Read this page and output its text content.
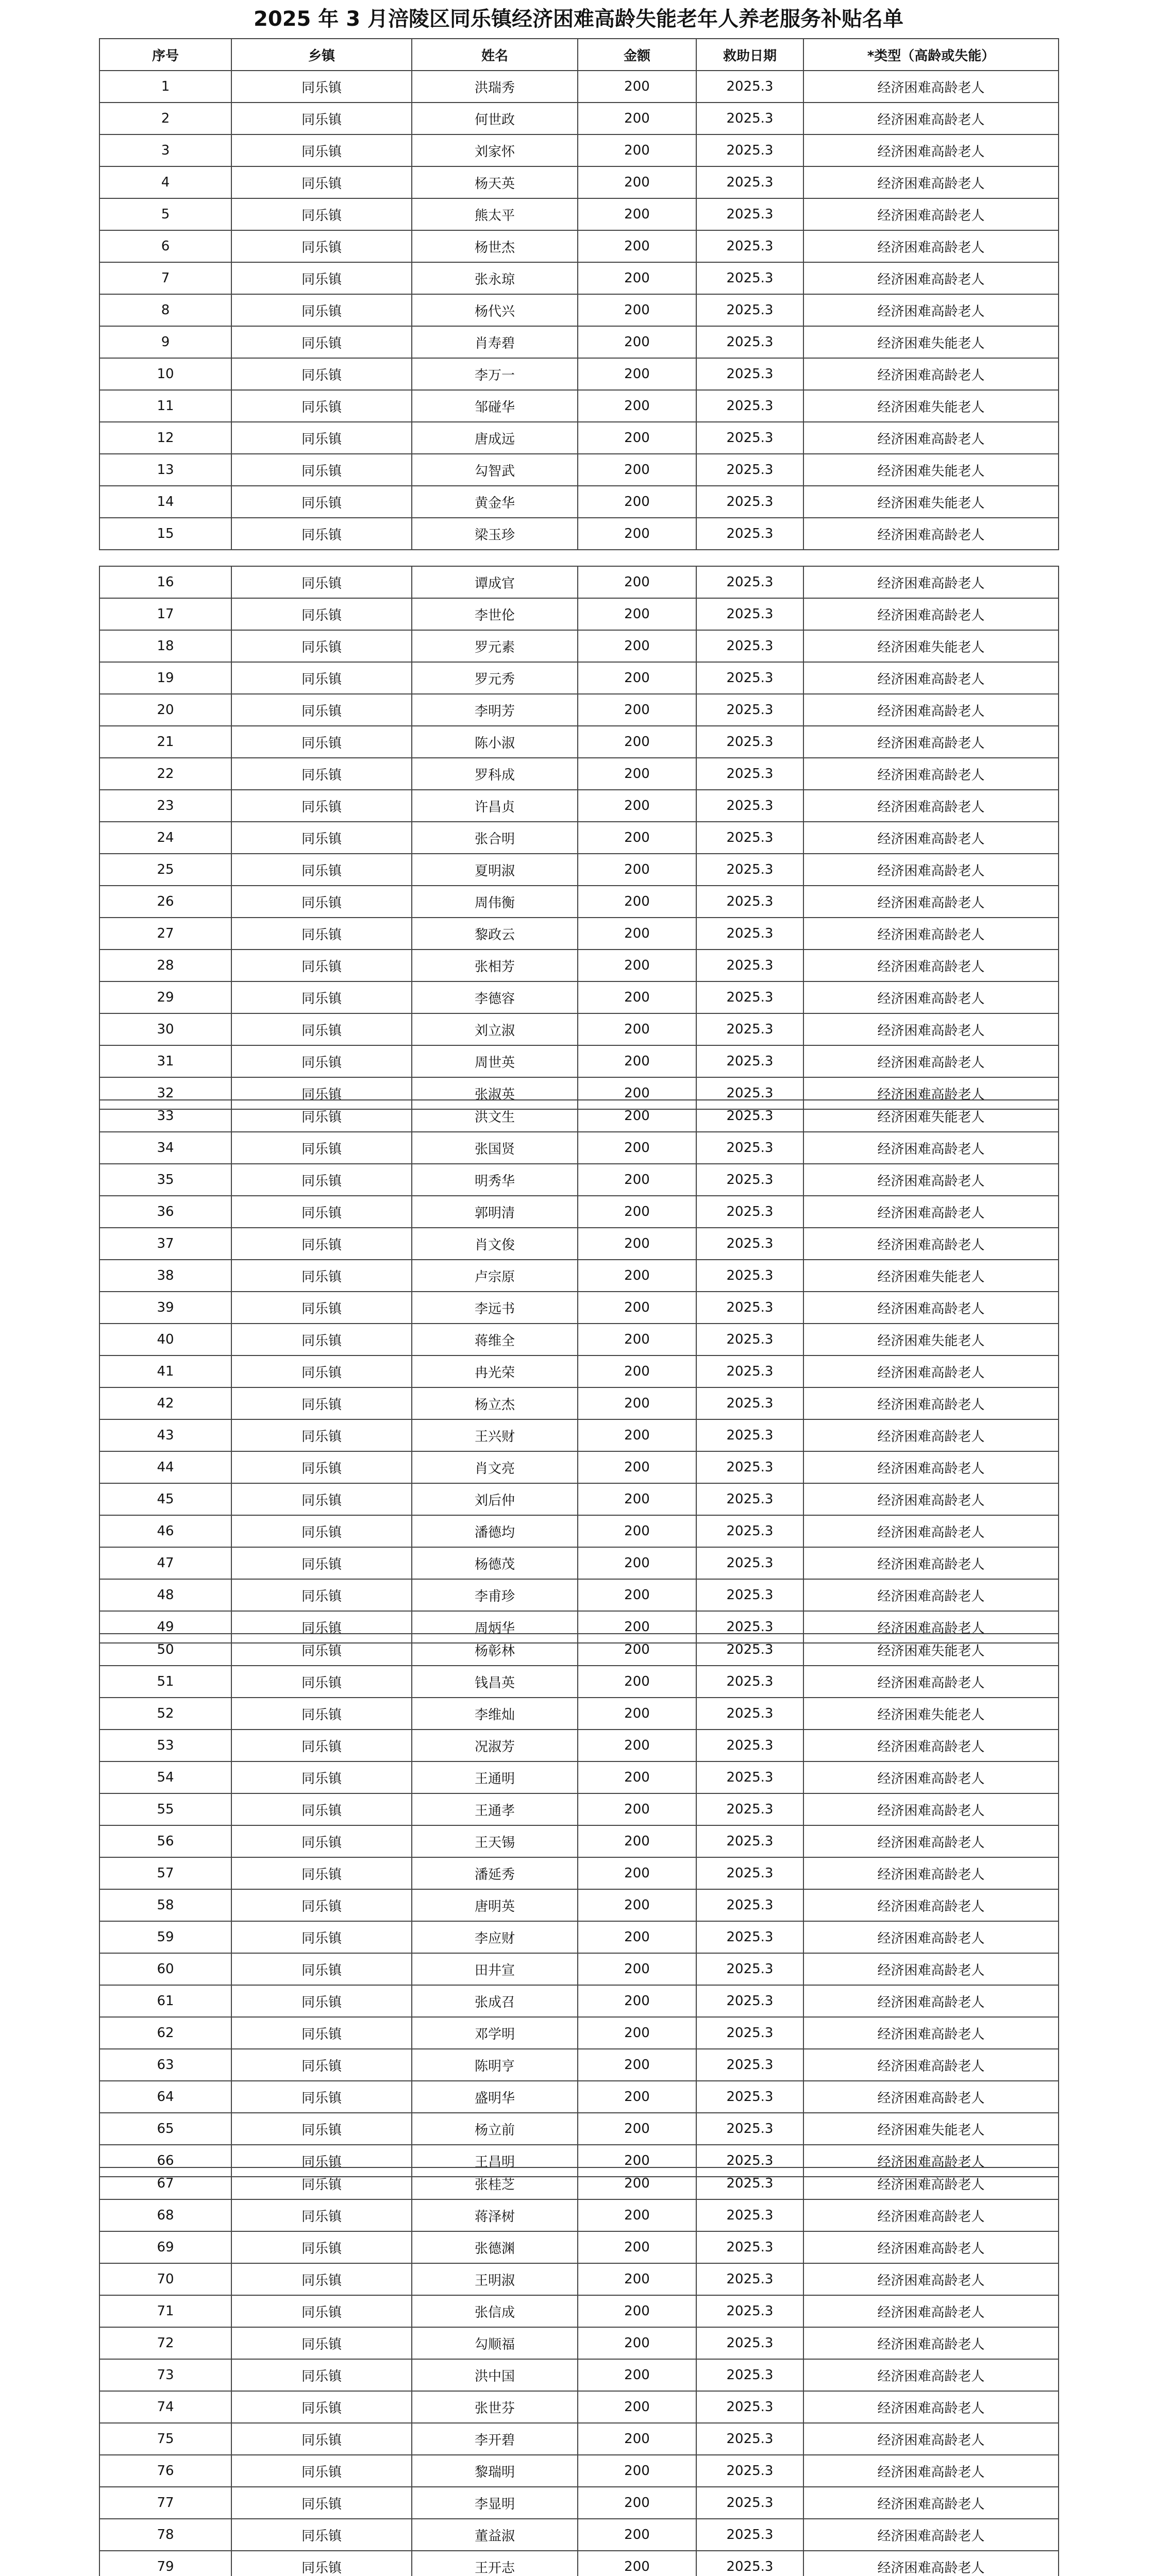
2025 年 3 月涪陵区同乐镇经济困难高龄失能老年人养老服务补贴名单
序号	乡镇	姓名	金额	救助日期	*类型（高龄或失能）
1	同乐镇	洪瑞秀	200	2025.3	经济困难高龄老人
2	同乐镇	何世政	200	2025.3	经济困难高龄老人
3	同乐镇	刘家怀	200	2025.3	经济困难高龄老人
4	同乐镇	杨天英	200	2025.3	经济困难高龄老人
5	同乐镇	熊太平	200	2025.3	经济困难高龄老人
6	同乐镇	杨世杰	200	2025.3	经济困难高龄老人
7	同乐镇	张永琼	200	2025.3	经济困难高龄老人
8	同乐镇	杨代兴	200	2025.3	经济困难高龄老人
9	同乐镇	肖寿碧	200	2025.3	经济困难失能老人
10	同乐镇	李万一	200	2025.3	经济困难高龄老人
11	同乐镇	邹碰华	200	2025.3	经济困难失能老人
12	同乐镇	唐成远	200	2025.3	经济困难高龄老人
13	同乐镇	勾智武	200	2025.3	经济困难失能老人
14	同乐镇	黄金华	200	2025.3	经济困难失能老人
15	同乐镇	梁玉珍	200	2025.3	经济困难高龄老人
16	同乐镇	谭成官	200	2025.3	经济困难高龄老人
17	同乐镇	李世伦	200	2025.3	经济困难高龄老人
18	同乐镇	罗元素	200	2025.3	经济困难失能老人
19	同乐镇	罗元秀	200	2025.3	经济困难高龄老人
20	同乐镇	李明芳	200	2025.3	经济困难高龄老人
21	同乐镇	陈小淑	200	2025.3	经济困难高龄老人
22	同乐镇	罗科成	200	2025.3	经济困难高龄老人
23	同乐镇	许昌贞	200	2025.3	经济困难高龄老人
24	同乐镇	张合明	200	2025.3	经济困难高龄老人
25	同乐镇	夏明淑	200	2025.3	经济困难高龄老人
26	同乐镇	周伟衡	200	2025.3	经济困难高龄老人
27	同乐镇	黎政云	200	2025.3	经济困难高龄老人
28	同乐镇	张相芳	200	2025.3	经济困难高龄老人
29	同乐镇	李德容	200	2025.3	经济困难高龄老人
30	同乐镇	刘立淑	200	2025.3	经济困难高龄老人
31	同乐镇	周世英	200	2025.3	经济困难高龄老人
32	同乐镇	张淑英	200	2025.3	经济困难高龄老人
33	同乐镇	洪文生	200	2025.3	经济困难失能老人
34	同乐镇	张国贤	200	2025.3	经济困难高龄老人
35	同乐镇	明秀华	200	2025.3	经济困难高龄老人
36	同乐镇	郭明清	200	2025.3	经济困难高龄老人
37	同乐镇	肖文俊	200	2025.3	经济困难高龄老人
38	同乐镇	卢宗原	200	2025.3	经济困难失能老人
39	同乐镇	李远书	200	2025.3	经济困难高龄老人
40	同乐镇	蒋维全	200	2025.3	经济困难失能老人
41	同乐镇	冉光荣	200	2025.3	经济困难高龄老人
42	同乐镇	杨立杰	200	2025.3	经济困难高龄老人
43	同乐镇	王兴财	200	2025.3	经济困难高龄老人
44	同乐镇	肖文亮	200	2025.3	经济困难高龄老人
45	同乐镇	刘后仲	200	2025.3	经济困难高龄老人
46	同乐镇	潘德均	200	2025.3	经济困难高龄老人
47	同乐镇	杨德茂	200	2025.3	经济困难高龄老人
48	同乐镇	李甫珍	200	2025.3	经济困难高龄老人
49	同乐镇	周炳华	200	2025.3	经济困难高龄老人
50	同乐镇	杨彰林	200	2025.3	经济困难失能老人
51	同乐镇	钱昌英	200	2025.3	经济困难高龄老人
52	同乐镇	李维灿	200	2025.3	经济困难失能老人
53	同乐镇	况淑芳	200	2025.3	经济困难高龄老人
54	同乐镇	王通明	200	2025.3	经济困难高龄老人
55	同乐镇	王通孝	200	2025.3	经济困难高龄老人
56	同乐镇	王天锡	200	2025.3	经济困难高龄老人
57	同乐镇	潘延秀	200	2025.3	经济困难高龄老人
58	同乐镇	唐明英	200	2025.3	经济困难高龄老人
59	同乐镇	李应财	200	2025.3	经济困难高龄老人
60	同乐镇	田井宣	200	2025.3	经济困难高龄老人
61	同乐镇	张成召	200	2025.3	经济困难高龄老人
62	同乐镇	邓学明	200	2025.3	经济困难高龄老人
63	同乐镇	陈明亨	200	2025.3	经济困难高龄老人
64	同乐镇	盛明华	200	2025.3	经济困难高龄老人
65	同乐镇	杨立前	200	2025.3	经济困难失能老人
66	同乐镇	王昌明	200	2025.3	经济困难高龄老人
67	同乐镇	张桂芝	200	2025.3	经济困难高龄老人
68	同乐镇	蒋泽树	200	2025.3	经济困难高龄老人
69	同乐镇	张德渊	200	2025.3	经济困难高龄老人
70	同乐镇	王明淑	200	2025.3	经济困难高龄老人
71	同乐镇	张信成	200	2025.3	经济困难高龄老人
72	同乐镇	勾顺福	200	2025.3	经济困难高龄老人
73	同乐镇	洪中国	200	2025.3	经济困难高龄老人
74	同乐镇	张世芬	200	2025.3	经济困难高龄老人
75	同乐镇	李开碧	200	2025.3	经济困难高龄老人
76	同乐镇	黎瑞明	200	2025.3	经济困难高龄老人
77	同乐镇	李显明	200	2025.3	经济困难高龄老人
78	同乐镇	董益淑	200	2025.3	经济困难高龄老人
79	同乐镇	王开志	200	2025.3	经济困难高龄老人
